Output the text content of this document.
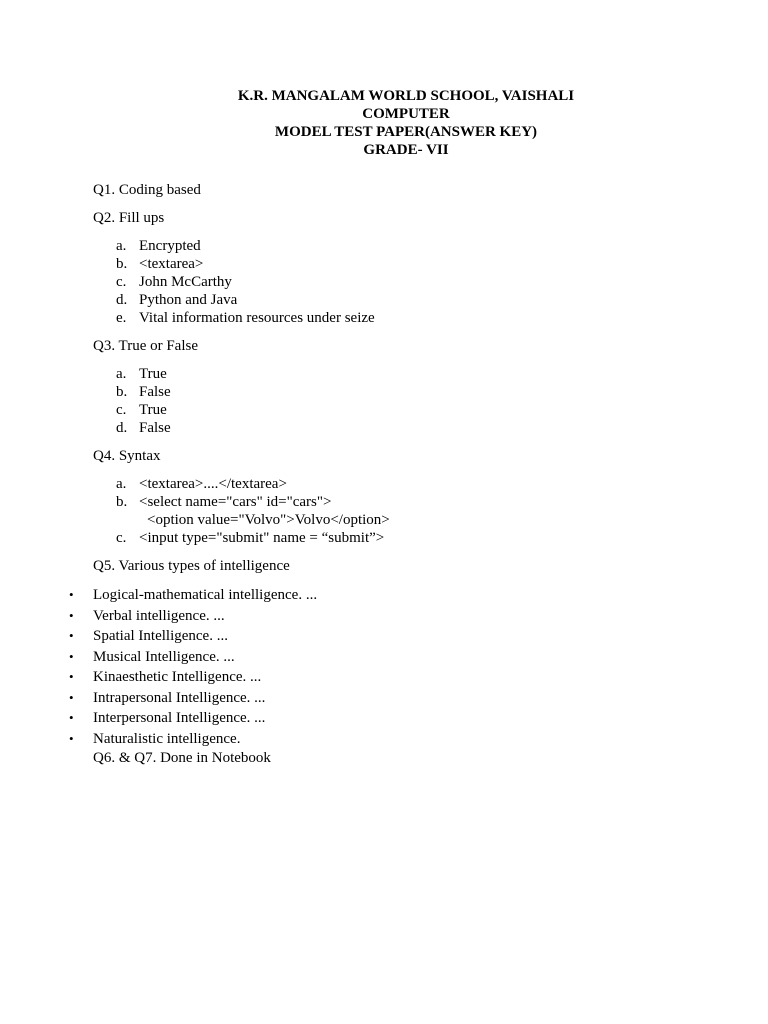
K.R. MANGALAM WORLD SCHOOL, VAISHALI
COMPUTER
MODEL TEST PAPER(ANSWER KEY)
GRADE- VII

Q1. Coding based

Q2. Fill ups

a. Encrypted
b. <textarea>
c. John McCarthy
d. Python and Java
e. Vital information resources under seize

Q3. True or False

a. True
b. False
c. True
d. False

Q4. Syntax

a. <textarea>....</textarea>
b. <select name="cars" id="cars">
<option value="Volvo">Volvo</option>
c. <input type="submit" name = “submit”>

Q5. Various types of intelligence

• Logical-mathematical intelligence. ...
• Verbal intelligence. ...
• Spatial Intelligence. ...
• Musical Intelligence. ...
• Kinaesthetic Intelligence. ...
• Intrapersonal Intelligence. ...
• Interpersonal Intelligence. ...
• Naturalistic intelligence.

Q6. & Q7. Done in Notebook
